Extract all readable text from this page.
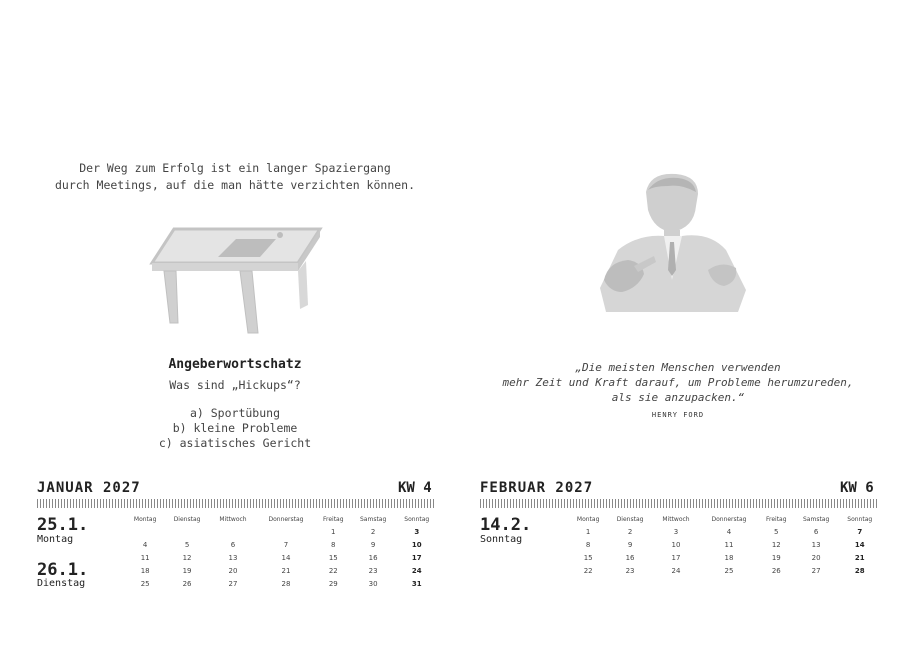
Der Weg zum Erfolg ist ein langer Spaziergang
durch Meetings, auf die man hätte verzichten können.
Angeberwortschatz
Was sind „Hickups“?
a) Sportübung
b) kleine Probleme
c) asiatisches Gericht
JANUAR 2027	KW 4
25.1.
Montag
26.1.
Dienstag
Montag	Dienstag	Mittwoch	Donnerstag	Freitag	Samstag	Sonntag
				1	2	3
4	5	6	7	8	9	10
11	12	13	14	15	16	17
18	19	20	21	22	23	24
25	26	27	28	29	30	31
„Die meisten Menschen verwenden
mehr Zeit und Kraft darauf, um Probleme herumzureden,
als sie anzupacken.“
HENRY FORD
FEBRUAR 2027	KW 6
14.2.
Sonntag
Montag	Dienstag	Mittwoch	Donnerstag	Freitag	Samstag	Sonntag
1	2	3	4	5	6	7
8	9	10	11	12	13	14
15	16	17	18	19	20	21
22	23	24	25	26	27	28
